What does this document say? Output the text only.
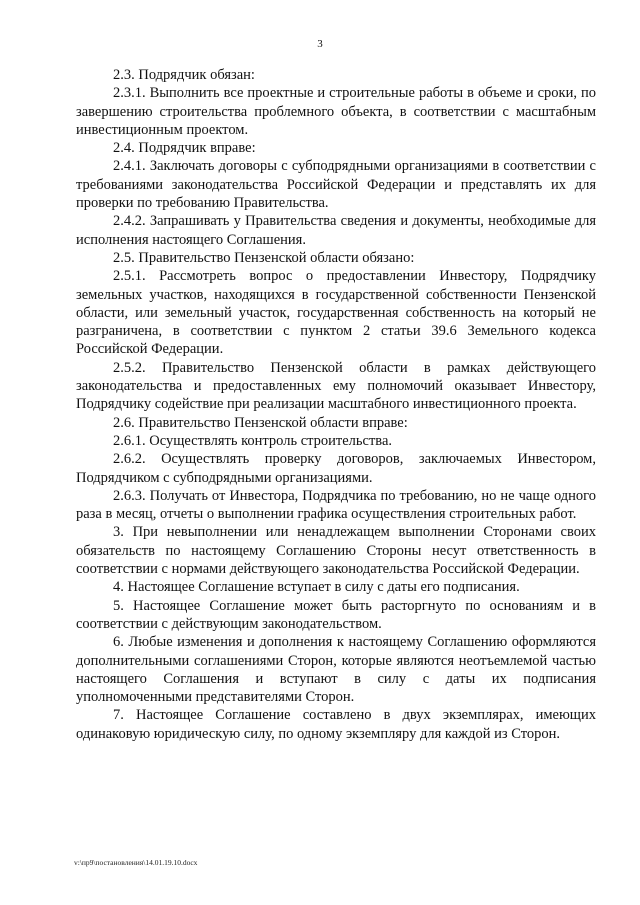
3

2.3. Подрядчик обязан:

2.3.1. Выполнить все проектные и строительные работы в объеме и сроки, по завершению строительства проблемного объекта, в соответствии с масштабным инвестиционным проектом.

2.4. Подрядчик вправе:

2.4.1. Заключать договоры с субподрядными организациями в соответствии с требованиями законодательства Российской Федерации и представлять их для проверки по требованию Правительства.

2.4.2. Запрашивать у Правительства сведения и документы, необходимые для исполнения настоящего Соглашения.

2.5. Правительство Пензенской области обязано:

2.5.1. Рассмотреть вопрос о предоставлении Инвестору, Подрядчику земельных участков, находящихся в государственной собственности Пензенской области, или земельный участок, государственная собственность на который не разграничена, в соответствии с пунктом 2 статьи 39.6 Земельного кодекса Российской Федерации.

2.5.2. Правительство Пензенской области в рамках действующего законодательства и предоставленных ему полномочий оказывает Инвестору, Подрядчику содействие при реализации масштабного инвестиционного проекта.

2.6. Правительство Пензенской области вправе:

2.6.1. Осуществлять контроль строительства.

2.6.2. Осуществлять проверку договоров, заключаемых Инвестором, Подрядчиком с субподрядными организациями.

2.6.3. Получать от Инвестора, Подрядчика по требованию, но не чаще одного раза в месяц, отчеты о выполнении графика осуществления строительных работ.

3. При невыполнении или ненадлежащем выполнении Сторонами своих обязательств по настоящему Соглашению Стороны несут ответственность в соответствии с нормами действующего законодательства Российской Федерации.

4. Настоящее Соглашение вступает в силу с даты его подписания.

5. Настоящее Соглашение может быть расторгнуто по основаниям и в соответствии с действующим законодательством.

6. Любые изменения и дополнения к настоящему Соглашению оформляются дополнительными соглашениями Сторон, которые являются неотъемлемой частью настоящего Соглашения и вступают в силу с даты их подписания уполномоченными представителями Сторон.

7. Настоящее Соглашение составлено в двух экземплярах, имеющих одинаковую юридическую силу, по одному экземпляру для каждой из Сторон.

v:\пр9\постановления\14.01.19.10.docx
